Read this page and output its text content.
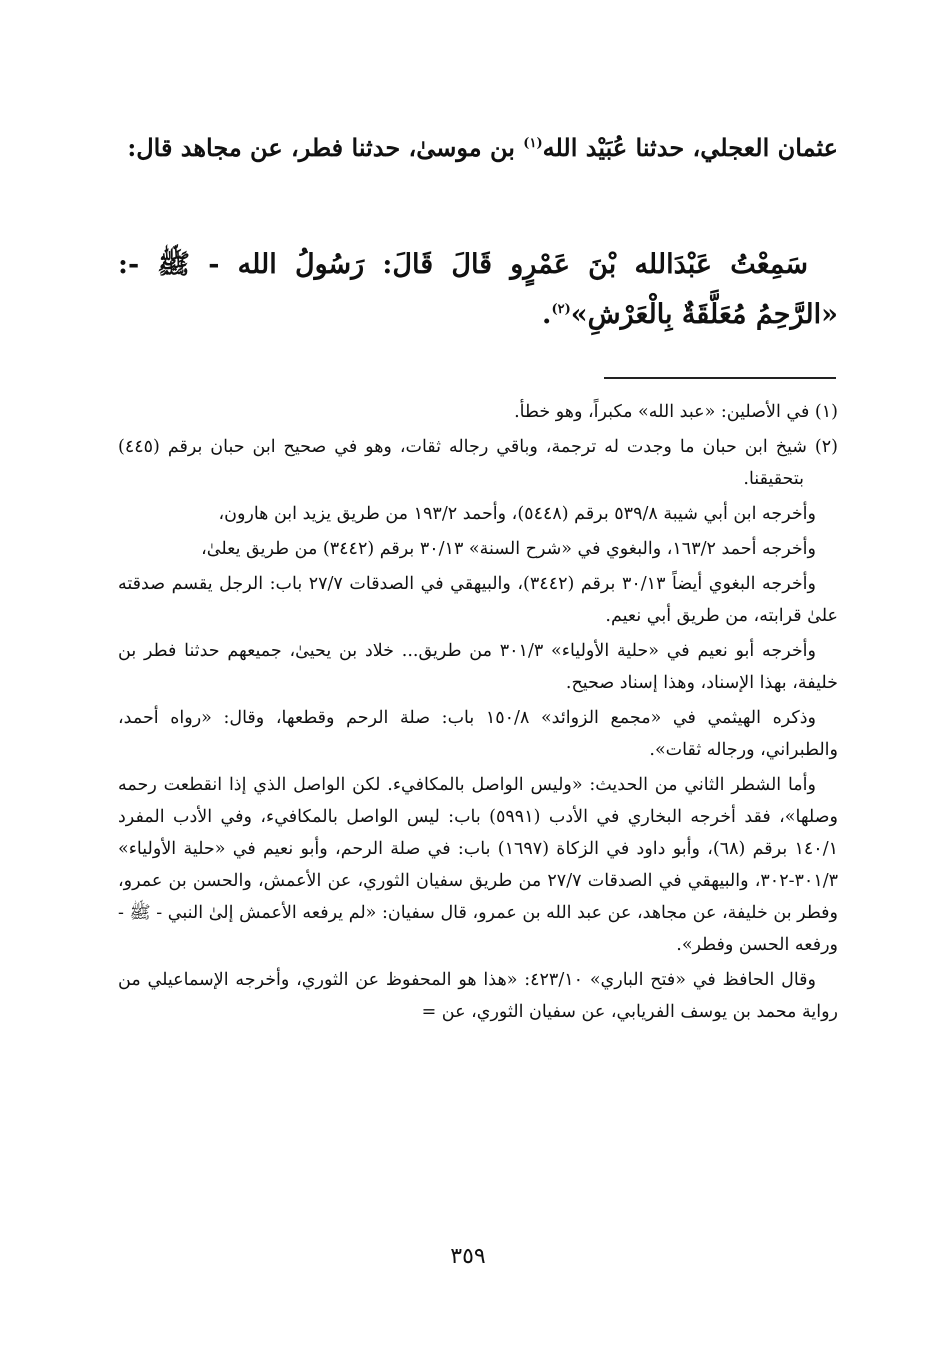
عثمان العجلي، حدثنا عُبَيْد الله$^{(١)}$ بن موسىٰ، حدثنا فطر، عن مجاهد قال:

سَمِعْتُ عَبْدَالله بْنَ عَمْرٍو قَالَ قَالَ: رَسُولُ الله - ﷺ -: «الرَّحِمُ مُعَلَّقَةٌ بِالْعَرْشِ»$^{(٢)}$.

(١) في الأصلين: «عبد الله» مكبراً، وهو خطأ.

(٢) شيخ ابن حبان ما وجدت له ترجمة، وباقي رجاله ثقات، وهو في صحيح ابن حبان برقم (٤٤٥) بتحقيقنا.

وأخرجه ابن أبي شيبة ٥٣٩/٨ برقم (٥٤٤٨)، وأحمد ١٩٣/٢ من طريق يزيد ابن هارون،

وأخرجه أحمد ١٦٣/٢، والبغوي في «شرح السنة» ٣٠/١٣ برقم (٣٤٤٢) من طريق يعلىٰ،

وأخرجه البغوي أيضاً ٣٠/١٣ برقم (٣٤٤٢)، والبيهقي في الصدقات ٢٧/٧ باب: الرجل يقسم صدقته علىٰ قرابته، من طريق أبي نعيم.

وأخرجه أبو نعيم في «حلية الأولياء» ٣٠١/٣ من طريق... خلاد بن يحيىٰ، جميعهم حدثنا فطر بن خليفة، بهذا الإسناد، وهذا إسناد صحيح.

وذكره الهيثمي في «مجمع الزوائد» ١٥٠/٨ باب: صلة الرحم وقطعها، وقال: «رواه أحمد، والطبراني، ورجاله ثقات».

وأما الشطر الثاني من الحديث: «وليس الواصل بالمكافيء. لكن الواصل الذي إذا انقطعت رحمه وصلها»، فقد أخرجه البخاري في الأدب (٥٩٩١) باب: ليس الواصل بالمكافيء، وفي الأدب المفرد ١٤٠/١ برقم (٦٨)، وأبو داود في الزكاة (١٦٩٧) باب: في صلة الرحم، وأبو نعيم في «حلية الأولياء» ٣٠١/٣-٣٠٢، والبيهقي في الصدقات ٢٧/٧ من طريق سفيان الثوري، عن الأعمش، والحسن بن عمرو، وفطر بن خليفة، عن مجاهد، عن عبد الله بن عمرو، قال سفيان: «لم يرفعه الأعمش إلىٰ النبي - ﷺ - ورفعه الحسن وفطر».

وقال الحافظ في «فتح الباري» ٤٢٣/١٠: «هذا هو المحفوظ عن الثوري، وأخرجه الإسماعيلي من رواية محمد بن يوسف الفريابي، عن سفيان الثوري، عن =

٣٥٩
